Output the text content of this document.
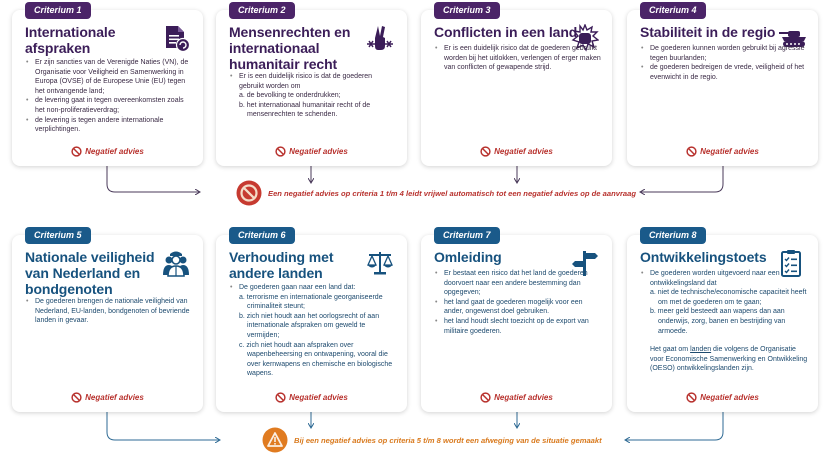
Criterium 1
Internationale
afspraken
• Er zijn sancties van de Verenigde Naties (VN), de Organisatie voor Veiligheid en Samenwerking in Europa (OVSE) of de Europese Unie (EU) tegen het ontvangende land;
• de levering gaat in tegen overeenkomsten zoals het non-proliferatieverdrag;
• de levering is tegen andere internationale verplichtingen.
Negatief advies
Criterium 2
Mensenrechten en
internationaal
humanitair recht
• Er is een duidelijk risico is dat de goederen gebruikt worden om
a. de bevolking te onderdrukken;
b. het internationaal humanitair recht of de mensenrechten te schenden.
Negatief advies
Criterium 3
Conflicten in een land
• Er is een duidelijk risico dat de goederen gebruikt worden bij het uitlokken, verlengen of erger maken van conflicten of gewapende strijd.
Negatief advies
Criterium 4
Stabiliteit in de regio
• De goederen kunnen worden gebruikt bij agressie tegen buurlanden;
• de goederen bedreigen de vrede, veiligheid of het evenwicht in de regio.
Negatief advies
Een negatief advies op criteria 1 t/m 4 leidt vrijwel automatisch tot een negatief advies op de aanvraag
Criterium 5
Nationale veiligheid
van Nederland en
bondgenoten
• De goederen brengen de nationale veiligheid van Nederland, EU-landen, bondgenoten of bevriende landen in gevaar.
Negatief advies
Criterium 6
Verhouding met
andere landen
• De goederen gaan naar een land dat:
a. terrorisme en internationale georganiseerde criminaliteit steunt;
b. zich niet houdt aan het oorlogsrecht of aan internationale afspraken om geweld te vermijden;
c. zich niet houdt aan afspraken over wapenbeheersing en ontwapening, vooral die over kernwapens en chemische en biologische wapens.
Negatief advies
Criterium 7
Omleiding
• Er bestaat een risico dat het land de goederen doorvoert naar een andere bestemming dan opgegeven;
• het land gaat de goederen mogelijk voor een ander, ongewenst doel gebruiken.
• het land houdt slecht toezicht op de export van militaire goederen.
Negatief advies
Criterium 8
Ontwikkelingstoets
• De goederen worden uitgevoerd naar een ontwikkelingsland dat
a. niet de technische/economische capaciteit heeft om met de goederen om te gaan;
b. meer geld besteedt aan wapens dan aan onderwijs, zorg, banen en bestrijding van armoede.
Het gaat om landen die volgens de Organisatie voor Economische Samenwerking en Ontwikkeling (OESO) ontwikkelingslanden zijn.
Negatief advies
Bij een negatief advies op criteria 5 t/m 8 wordt een afweging van de situatie gemaakt
